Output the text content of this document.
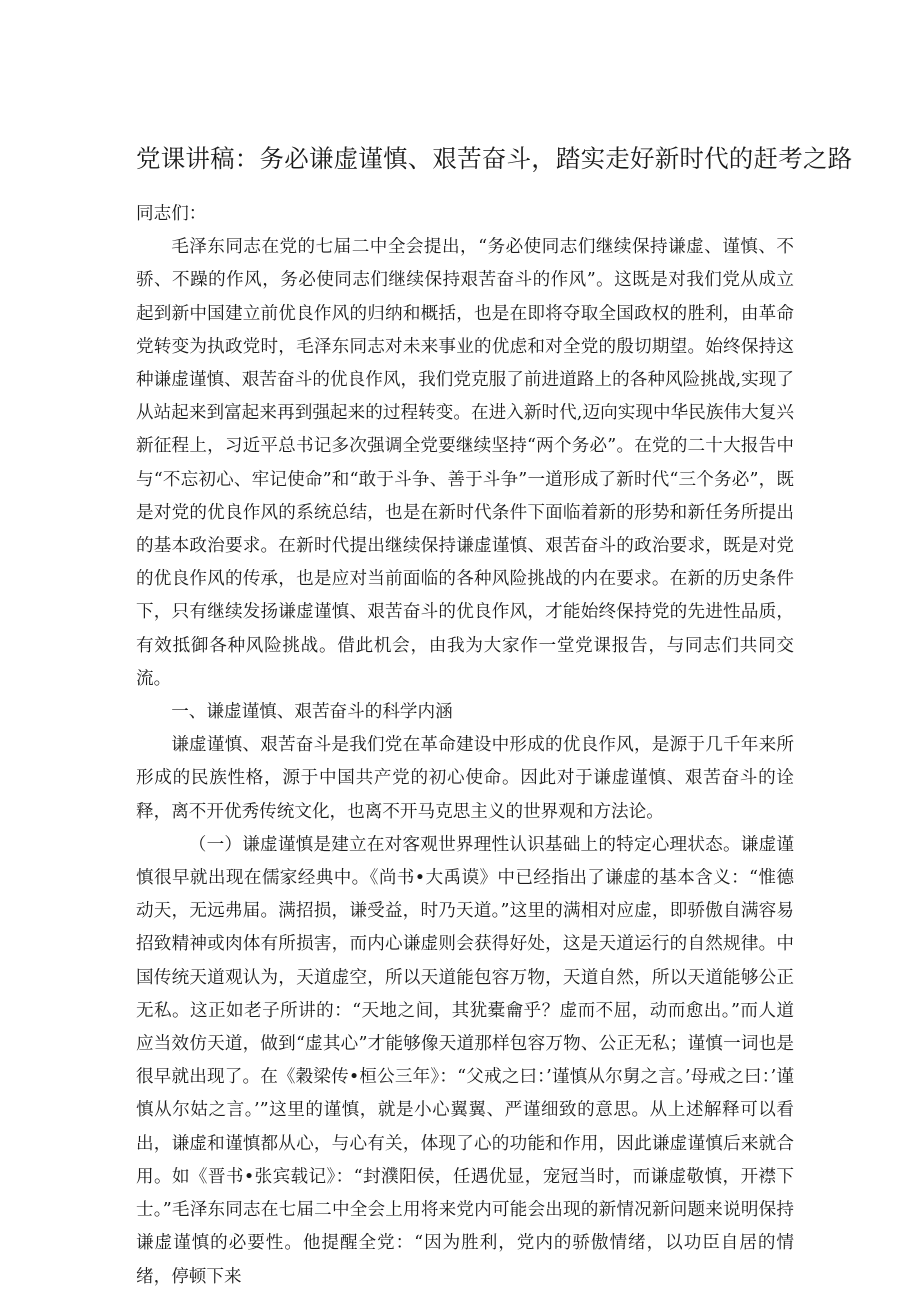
党课讲稿：务必谦虚谨慎、艰苦奋斗，踏实走好新时代的赶考之路

同志们：

毛泽东同志在党的七届二中全会提出，“务必使同志们继续保持谦虚、谨慎、不骄、不躁的作风，务必使同志们继续保持艰苦奋斗的作风”。这既是对我们党从成立起到新中国建立前优良作风的归纳和概括，也是在即将夺取全国政权的胜利，由革命党转变为执政党时，毛泽东同志对未来事业的优虑和对全党的殷切期望。始终保持这种谦虚谨慎、艰苦奋斗的优良作风，我们党克服了前进道路上的各种风险挑战,实现了从站起来到富起来再到强起来的过程转变。在进入新时代,迈向实现中华民族伟大复兴新征程上，习近平总书记多次强调全党要继续坚持“两个务必”。在党的二十大报告中与“不忘初心、牢记使命”和“敢于斗争、善于斗争”一道形成了新时代“三个务必”，既是对党的优良作风的系统总结，也是在新时代条件下面临着新的形势和新任务所提出的基本政治要求。在新时代提出继续保持谦虚谨慎、艰苦奋斗的政治要求，既是对党的优良作风的传承，也是应对当前面临的各种风险挑战的内在要求。在新的历史条件下，只有继续发扬谦虚谨慎、艰苦奋斗的优良作风，才能始终保持党的先进性品质，有效抵御各种风险挑战。借此机会，由我为大家作一堂党课报告，与同志们共同交流。

一、谦虚谨慎、艰苦奋斗的科学内涵

谦虚谨慎、艰苦奋斗是我们党在革命建设中形成的优良作风，是源于几千年来所形成的民族性格，源于中国共产党的初心使命。因此对于谦虚谨慎、艰苦奋斗的诠释，离不开优秀传统文化，也离不开马克思主义的世界观和方法论。

（一）谦虚谨慎是建立在对客观世界理性认识基础上的特定心理状态。谦虚谨慎很早就出现在儒家经典中。《尚书•大禹谟》中已经指出了谦虚的基本含义：“惟德动天，无远弗届。满招损，谦受益，时乃天道。”这里的满相对应虚，即骄傲自满容易招致精神或肉体有所损害，而内心谦虚则会获得好处，这是天道运行的自然规律。中国传统天道观认为，天道虚空，所以天道能包容万物，天道自然，所以天道能够公正无私。这正如老子所讲的：“天地之间，其犹橐龠乎？虚而不屈，动而愈出。”而人道应当效仿天道，做到“虚其心”才能够像天道那样包容万物、公正无私；谨慎一词也是很早就出现了。在《穀梁传•桓公三年》：“父戒之曰：’谨慎从尔舅之言。’母戒之曰：’谨慎从尔姑之言。’”这里的谨慎，就是小心翼翼、严谨细致的意思。从上述解释可以看出，谦虚和谨慎都从心，与心有关，体现了心的功能和作用，因此谦虚谨慎后来就合用。如《晋书•张宾载记》：“封濮阳侯，任遇优显，宠冠当时，而谦虚敬慎，开襟下士。”毛泽东同志在七届二中全会上用将来党内可能会出现的新情况新问题来说明保持谦虚谨慎的必要性。他提醒全党：“因为胜利，党内的骄傲情绪，以功臣自居的情绪，停顿下来
